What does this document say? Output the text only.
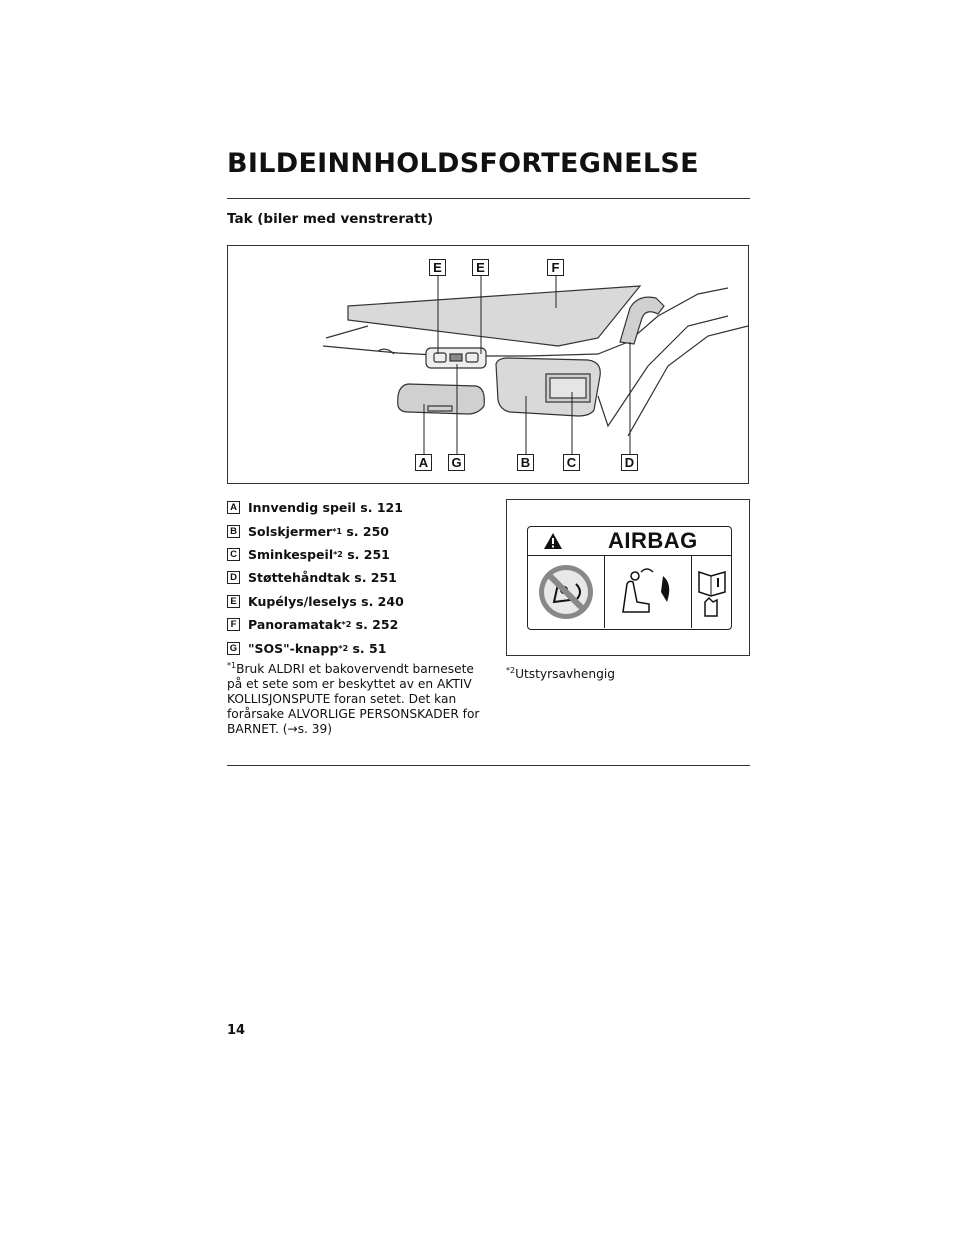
BILDEINNHOLDSFORTEGNELSE
Tak (biler med venstreratt)
E	E	F
A G	B	C	D
A Innvendig speil s. 121
B Solskjermer *1 s. 250
C Sminkespeil *2 s. 251
D Støttehåndtak s. 251
E Kupélys/leselys s. 240
F Panoramatak *2 s. 252
G "SOS"-knapp *2 s. 51
$^{*1}$Bruk ALDRI et bakovervendt barnesete på et sete som er beskyttet av en AKTIV KOLLISJONSPUTE foran setet. Det kan forårsake ALVORLIGE PERSONSKADER for BARNET. (→s. 39)
AIRBAG
$^{*2}$Utstyrsavhengig
14
